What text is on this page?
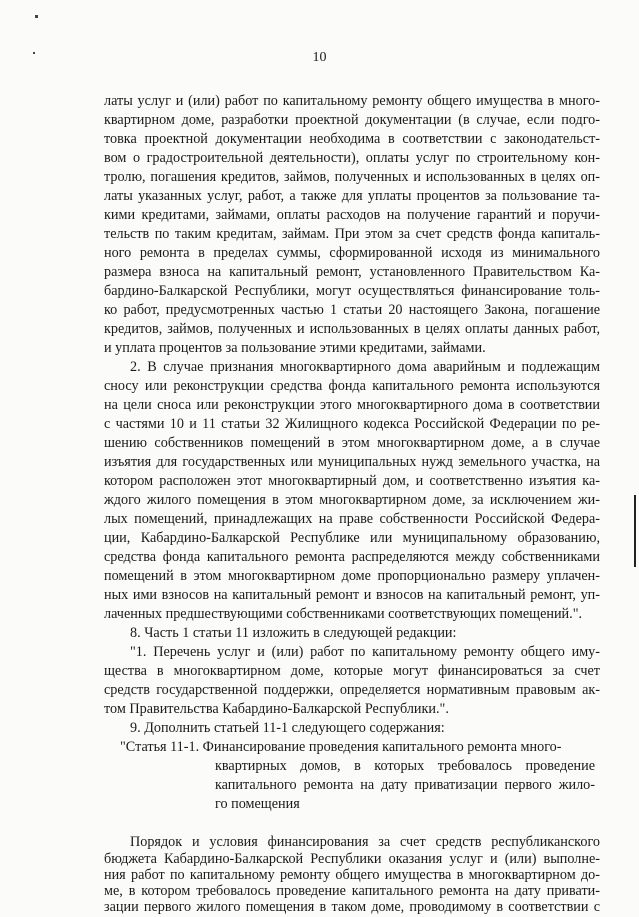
10
латы услуг и (или) работ по капитальному ремонту общего имущества в много-
квартирном доме, разработки проектной документации (в случае, если подго-
товка проектной документации необходима в соответствии с законодательст-
вом о градостроительной деятельности), оплаты услуг по строительному кон-
тролю, погашения кредитов, займов, полученных и использованных в целях оп-
латы указанных услуг, работ, а также для уплаты процентов за пользование та-
кими кредитами, займами, оплаты расходов на получение гарантий и поручи-
тельств по таким кредитам, займам. При этом за счет средств фонда капиталь-
ного ремонта в пределах суммы, сформированной исходя из минимального
размера взноса на капитальный ремонт, установленного Правительством Ка-
бардино-Балкарской Республики, могут осуществляться финансирование толь-
ко работ, предусмотренных частью 1 статьи 20 настоящего Закона, погашение
кредитов, займов, полученных и использованных в целях оплаты данных работ,
и уплата процентов за пользование этими кредитами, займами.
2. В случае признания многоквартирного дома аварийным и подлежащим
сносу или реконструкции средства фонда капитального ремонта используются
на цели сноса или реконструкции этого многоквартирного дома в соответствии
с частями 10 и 11 статьи 32 Жилищного кодекса Российской Федерации по ре-
шению собственников помещений в этом многоквартирном доме, а в случае
изъятия для государственных или муниципальных нужд земельного участка, на
котором расположен этот многоквартирный дом, и соответственно изъятия ка-
ждого жилого помещения в этом многоквартирном доме, за исключением жи-
лых помещений, принадлежащих на праве собственности Российской Федера-
ции, Кабардино-Балкарской Республике или муниципальному образованию,
средства фонда капитального ремонта распределяются между собственниками
помещений в этом многоквартирном доме пропорционально размеру уплачен-
ных ими взносов на капитальный ремонт и взносов на капитальный ремонт, уп-
лаченных предшествующими собственниками соответствующих помещений.".
8. Часть 1 статьи 11 изложить в следующей редакции:
"1. Перечень услуг и (или) работ по капитальному ремонту общего иму-
щества в многоквартирном доме, которые могут финансироваться за счет
средств государственной поддержки, определяется нормативным правовым ак-
том Правительства Кабардино-Балкарской Республики.".
9. Дополнить статьей 11-1 следующего содержания:
"Статья 11-1. Финансирование проведения капитального ремонта много-
квартирных домов, в которых требовалось проведение
капитального ремонта на дату приватизации первого жило-
го помещения
Порядок и условия финансирования за счет средств республиканского
бюджета Кабардино-Балкарской Республики оказания услуг и (или) выполне-
ния работ по капитальному ремонту общего имущества в многоквартирном до-
ме, в котором требовалось проведение капитального ремонта на дату привати-
зации первого жилого помещения в таком доме, проводимому в соответствии с
